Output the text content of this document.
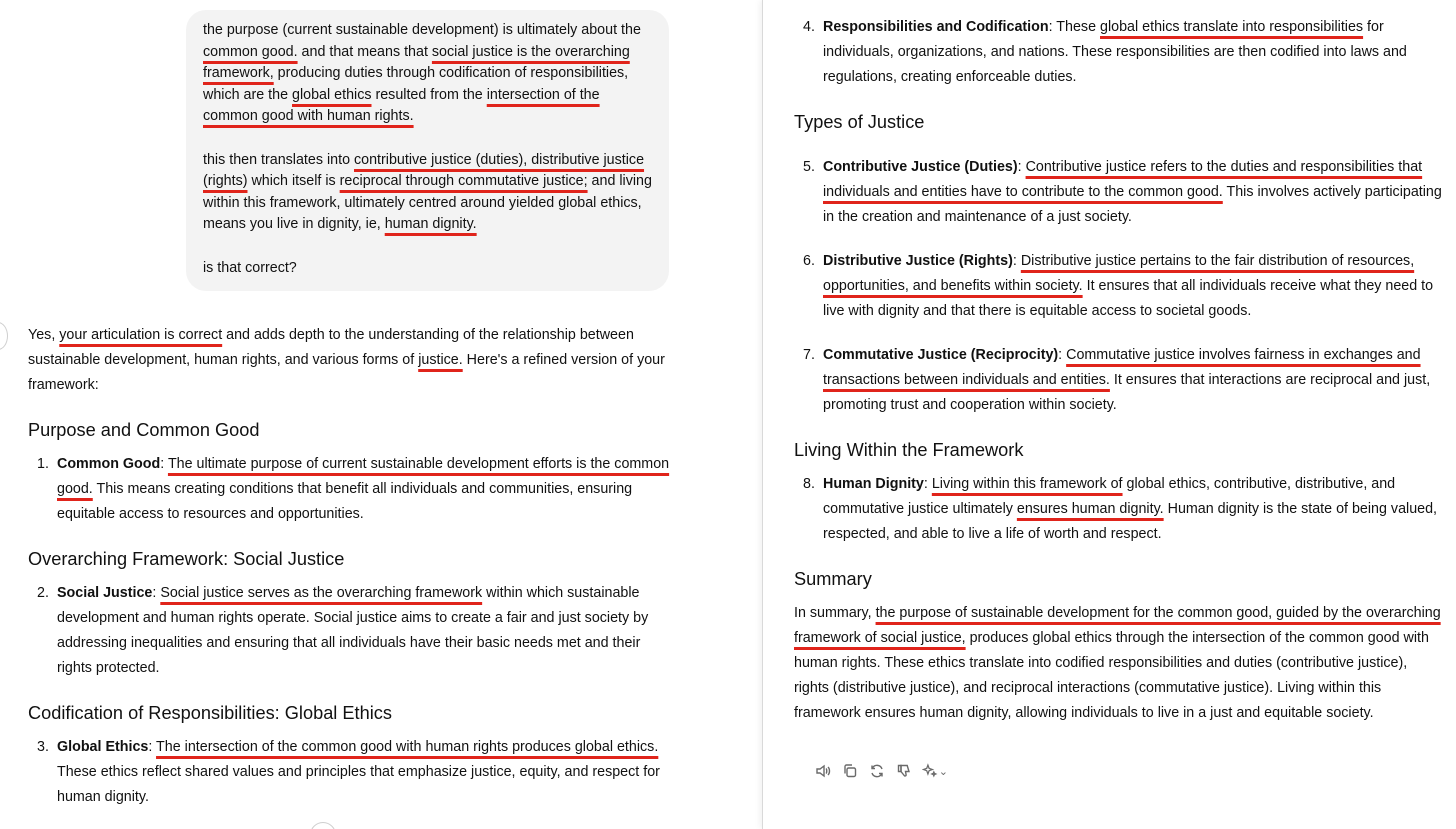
the purpose (current sustainable development) is ultimately about the common good. and that means that social justice is the overarching framework, producing duties through codification of responsibilities, which are the global ethics resulted from the intersection of the common good with human rights.

this then translates into contributive justice (duties), distributive justice (rights) which itself is reciprocal through commutative justice; and living within this framework, ultimately centred around yielded global ethics, means you live in dignity, ie, human dignity.

is that correct?

Yes, your articulation is correct and adds depth to the understanding of the relationship between sustainable development, human rights, and various forms of justice. Here's a refined version of your framework:

Purpose and Common Good
1. Common Good: The ultimate purpose of current sustainable development efforts is the common good. This means creating conditions that benefit all individuals and communities, ensuring equitable access to resources and opportunities.
Overarching Framework: Social Justice
2. Social Justice: Social justice serves as the overarching framework within which sustainable development and human rights operate. Social justice aims to create a fair and just society by addressing inequalities and ensuring that all individuals have their basic needs met and their rights protected.
Codification of Responsibilities: Global Ethics
3. Global Ethics: The intersection of the common good with human rights produces global ethics. These ethics reflect shared values and principles that emphasize justice, equity, and respect for human dignity.
4. Responsibilities and Codification: These global ethics translate into responsibilities for individuals, organizations, and nations. These responsibilities are then codified into laws and regulations, creating enforceable duties.
Types of Justice
5. Contributive Justice (Duties): Contributive justice refers to the duties and responsibilities that individuals and entities have to contribute to the common good. This involves actively participating in the creation and maintenance of a just society.
6. Distributive Justice (Rights): Distributive justice pertains to the fair distribution of resources, opportunities, and benefits within society. It ensures that all individuals receive what they need to live with dignity and that there is equitable access to societal goods.
7. Commutative Justice (Reciprocity): Commutative justice involves fairness in exchanges and transactions between individuals and entities. It ensures that interactions are reciprocal and just, promoting trust and cooperation within society.
Living Within the Framework
8. Human Dignity: Living within this framework of global ethics, contributive, distributive, and commutative justice ultimately ensures human dignity. Human dignity is the state of being valued, respected, and able to live a life of worth and respect.
Summary

In summary, the purpose of sustainable development for the common good, guided by the overarching framework of social justice, produces global ethics through the intersection of the common good with human rights. These ethics translate into codified responsibilities and duties (contributive justice), rights (distributive justice), and reciprocal interactions (commutative justice). Living within this framework ensures human dignity, allowing individuals to live in a just and equitable society.

⌄
